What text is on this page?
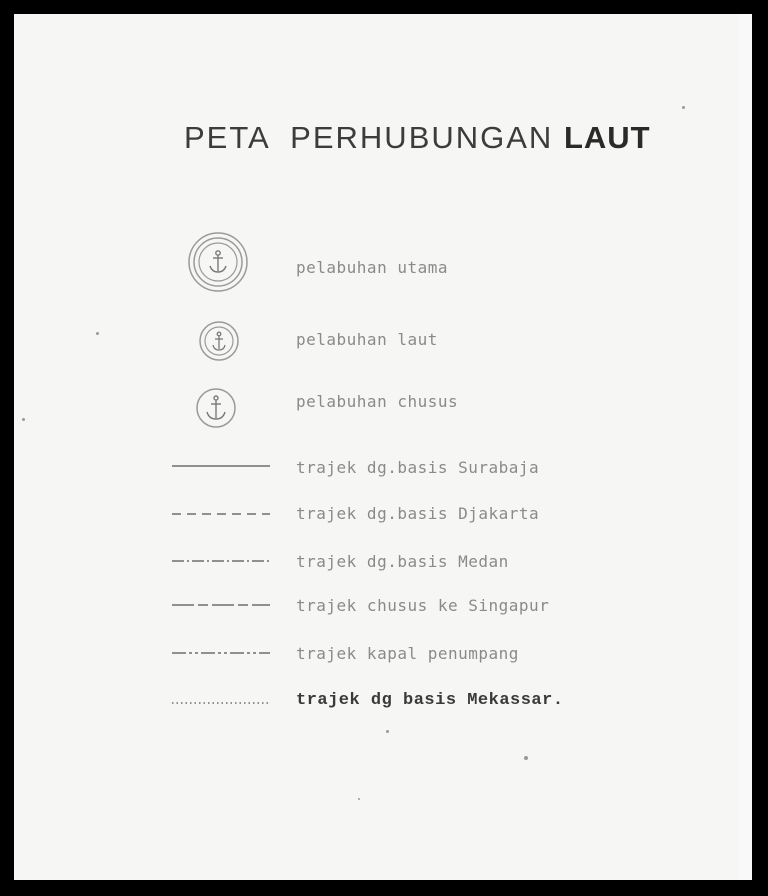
PETA  PERHUBUNGAN LAUT
pelabuhan utama
pelabuhan laut
pelabuhan chusus
trajek dg.basis Surabaja
trajek dg.basis Djakarta
trajek dg.basis Medan
trajek chusus ke Singapur
trajek kapal penumpang
trajek dg basis Mekassar.
